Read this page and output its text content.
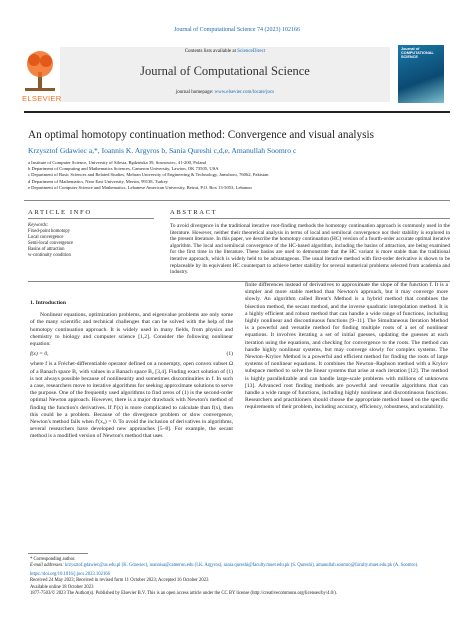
Journal of Computational Science 74 (2023) 102166
ELSEVIER
Contents lists available at ScienceDirect
Journal of Computational Science
journal homepage: www.elsevier.com/locate/jocs
Journal of COMPUTATIONAL SCIENCE
An optimal homotopy continuation method: Convergence and visual analysis
Krzysztof Gdawiec a,*, Ioannis K. Argyros b, Sania Qureshi c,d,e, Amanullah Soomro c
a Institute of Computer Science, University of Silesia, Będzińska 39, Sosnowiec, 41-200, Poland
b Department of Computing and Mathematics Sciences, Cameron University, Lawton, OK 73505, USA
c Department of Basic Sciences and Related Studies, Mehran University of Engineering & Technology, Jamshoro, 76062, Pakistan
d Department of Mathematics, Near East University, Mersin, 99138, Turkey
e Department of Computer Science and Mathematics, Lebanese American University, Beirut, P.O. Box 13-5053, Lebanon
ARTICLE INFO	ABSTRACT
Keywords:
Fixed-point homotopy
Local convergence
Semi-local convergence
Basins of attraction
w-continuity condition
To avoid divergence in the traditional iterative root-finding methods the homotopy continuation approach is commonly used in the literature. However, neither their theoretical analysis in terms of local and semilocal convergence nor their stability is explored in the present literature. In this paper, we describe the homotopy continuation (HC) version of a fourth-order accurate optimal iterative algorithm. The local and semilocal convergence of the HC-based algorithm, including the basins of attraction, are being examined for the first time in the literature. These basins are used to demonstrate that the HC variant is more stable than the traditional iterative approach, which is widely held to be advantageous. The usual iterative method with first-order derivative is shown to be replaceable by its equivalent HC counterpart to achieve better stability for several numerical problems selected from academia and industry.
1. Introduction
Nonlinear equations, optimization problems, and eigenvalue problems are only some of the many scientific and technical challenges that can be solved with the help of the homotopy continuation approach. It is widely used in many fields, from physics and chemistry to biology and computer science [1,2]. Consider the following nonlinear equation:
f(x) = 0,	(1)
where f is a Fréchet-differentiable operator defined on a nonempty, open convex subset Ω of a Banach space B₁ with values in a Banach space B₂ [3,4]. Finding exact solution of (1) is not always possible because of nonlinearity and sometimes discontinuities in f. In such a case, researchers move to iterative algorithms for seeking approximate solutions to serve the purpose. One of the frequently used algorithms to find zeros of (1) is the second-order optimal Newton approach. However, there is a major drawback with Newton's method of finding the function's derivatives. If f′(x) is more complicated to calculate than f(x), then this could be a problem. Because of the divergence problem or slow convergence, Newton's method fails when f′(x₀) = 0. To avoid the inclusion of derivatives in algorithms, several researchers have developed new approaches [5–8]. For example, the secant method is a modified version of Newton's method that uses
finite differences instead of derivatives to approximate the slope of the function f. It is a simpler and more stable method than Newton's approach, but it may converge more slowly. An algorithm called Brent's Method is a hybrid method that combines the bisection method, the secant method, and the inverse quadratic interpolation method. It is a highly efficient and robust method that can handle a wide range of functions, including highly nonlinear and discontinuous functions [9–11]. The Simultaneous Iteration Method is a powerful and versatile method for finding multiple roots of a set of nonlinear equations. It involves iterating a set of initial guesses, updating the guesses at each iteration using the equations, and checking for convergence to the roots. The method can handle highly nonlinear systems, but may converge slowly for complex systems. The Newton–Krylov Method is a powerful and efficient method for finding the roots of large systems of nonlinear equations. It combines the Newton–Raphson method with a Krylov subspace method to solve the linear systems that arise at each iteration [12]. The method is highly parallelizable and can handle large-scale problems with millions of unknowns [13]. Advanced root finding methods are powerful and versatile algorithms that can handle a wide range of functions, including highly nonlinear and discontinuous functions. Researchers and practitioners should choose the appropriate method based on the specific requirements of their problem, including accuracy, efficiency, robustness, and scalability.
* Corresponding author.
E-mail addresses: krzysztof.gdawiec@us.edu.pl (K. Gdawiec), ioannisa@cameron.edu (I.K. Argyros), sania.qureshi@faculty.muet.edu.pk (S. Qureshi), amanullah.soomro@faculty.muet.edu.pk (A. Soomro).
https://doi.org/10.1016/j.jocs.2023.102166
Received 24 May 2023; Received in revised form 11 October 2023; Accepted 16 October 2023
Available online 18 October 2023
1877-7503/© 2023 The Author(s). Published by Elsevier B.V. This is an open access article under the CC BY license (http://creativecommons.org/licenses/by/4.0/).
